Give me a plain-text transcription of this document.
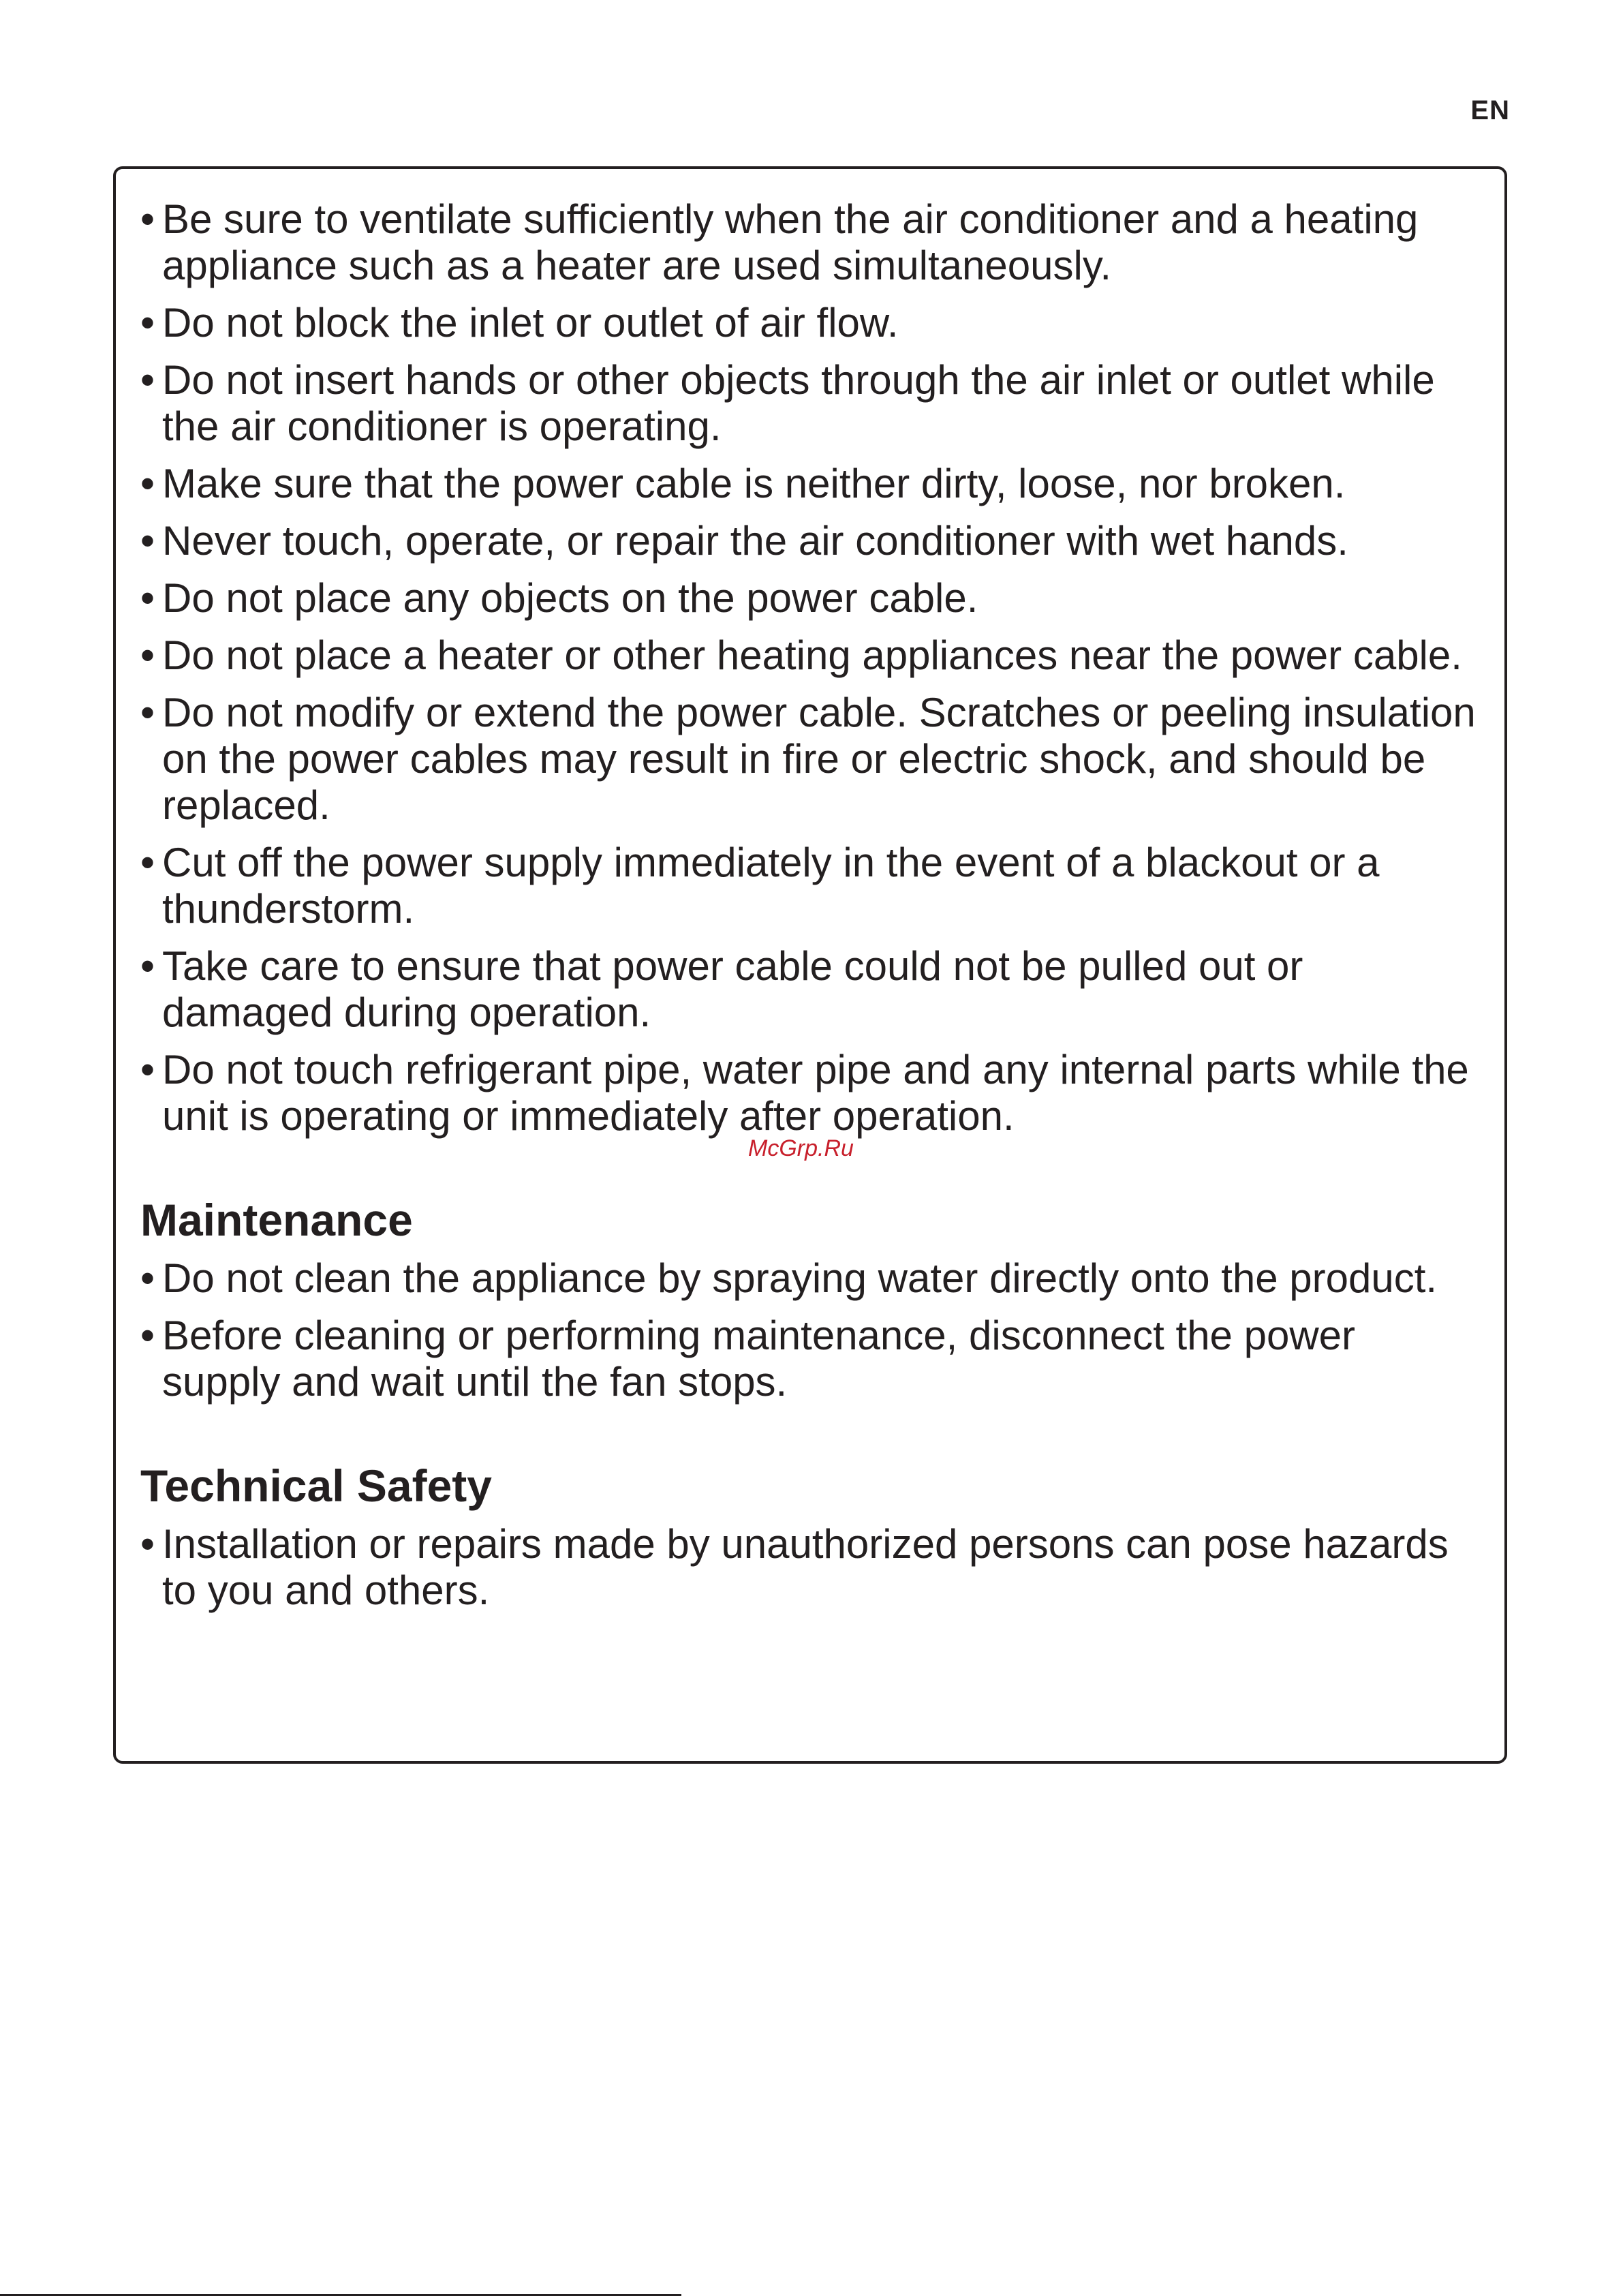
EN
• Be sure to ventilate sufficiently when the air conditioner and a heating appliance such as a heater are used simultaneously.
• Do not block the inlet or outlet of air flow.
• Do not insert hands or other objects through the air inlet or outlet while the air conditioner is operating.
• Make sure that the power cable is neither dirty, loose, nor broken.
• Never touch, operate, or repair the air conditioner with wet hands.
• Do not place any objects on the power cable.
• Do not place a heater or other heating appliances near the power cable.
• Do not modify or extend the power cable. Scratches or peeling insulation on the power cables may result in fire or electric shock, and should be replaced.
• Cut off the power supply immediately in the event of a blackout or a thunderstorm.
• Take care to ensure that power cable could not be pulled out or damaged during operation.
• Do not touch refrigerant pipe, water pipe and any internal parts while the unit is operating or immediately after operation.
Maintenance
• Do not clean the appliance by spraying water directly onto the product.
• Before cleaning or performing maintenance, disconnect the power supply and wait until the fan stops.
Technical Safety
• Installation or repairs made by unauthorized persons can pose hazards to you and others.
McGrp.Ru
